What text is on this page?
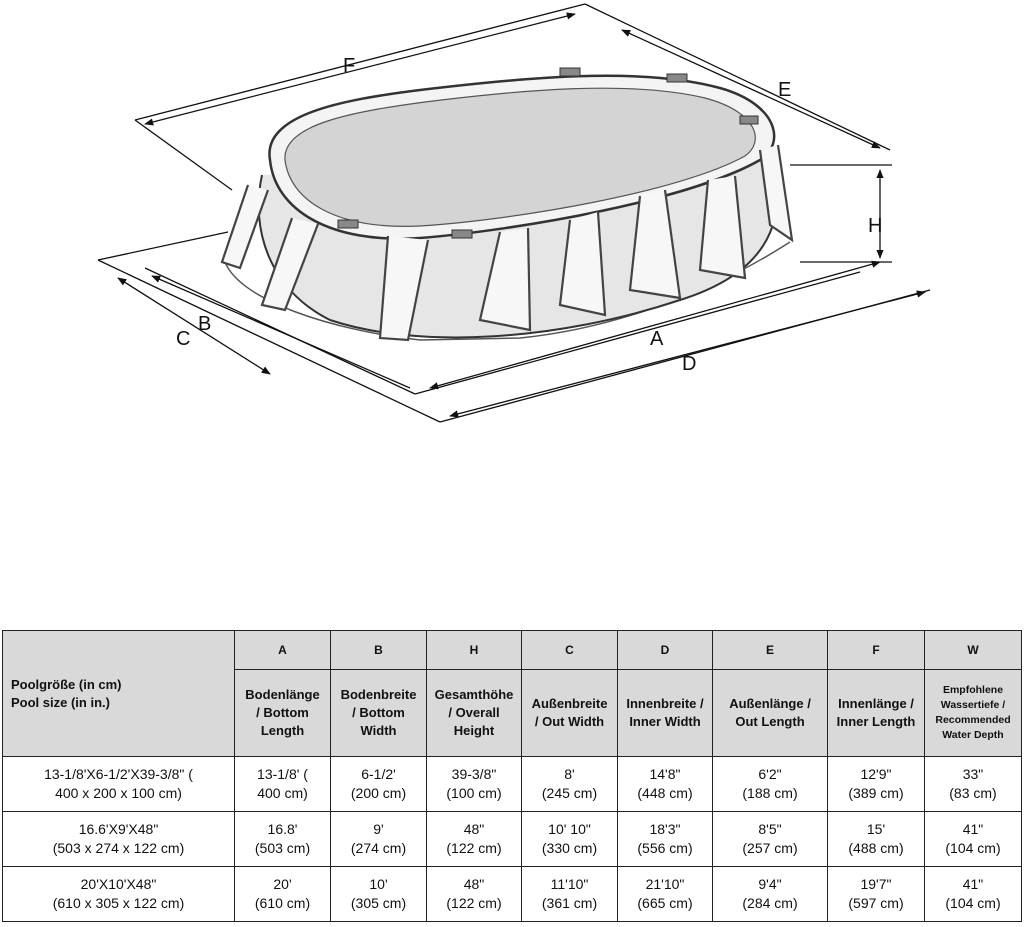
F
E
H
B
C	A
D
Poolgröße (in cm)
Pool size (in in.)	A	B	H	C	D	E	F	W

	Bodenlänge
/ Bottom
Length	Bodenbreite
/ Bottom
Width	Gesamthöhe
/ Overall
Height	Außenbreite
/ Out Width	Innenbreite /
Inner Width	Außenlänge /
Out Length	Innenlänge /
Inner Length	Empfohlene
Wassertiefe /
Recommended
Water Depth

13-1/8'X6-1/2'X39-3/8" (
400 x 200 x 100 cm)	13-1/8' (
400 cm)	6-1/2'
(200 cm)	39-3/8"
(100 cm)	8'
(245 cm)	14'8"
(448 cm)	6'2"
(188 cm)	12'9"
(389 cm)	33"
(83 cm)

16.6'X9'X48"
(503 x 274 x 122 cm)	16.8'
(503 cm)	9'
(274 cm)	48"
(122 cm)	10' 10"
(330 cm)	18'3"
(556 cm)	8'5"
(257 cm)	15'
(488 cm)	41"
(104 cm)

20'X10'X48"
(610 x 305 x 122 cm)	20'
(610 cm)	10'
(305 cm)	48"
(122 cm)	11'10"
(361 cm)	21'10"
(665 cm)	9'4"
(284 cm)	19'7"
(597 cm)	41"
(104 cm)
